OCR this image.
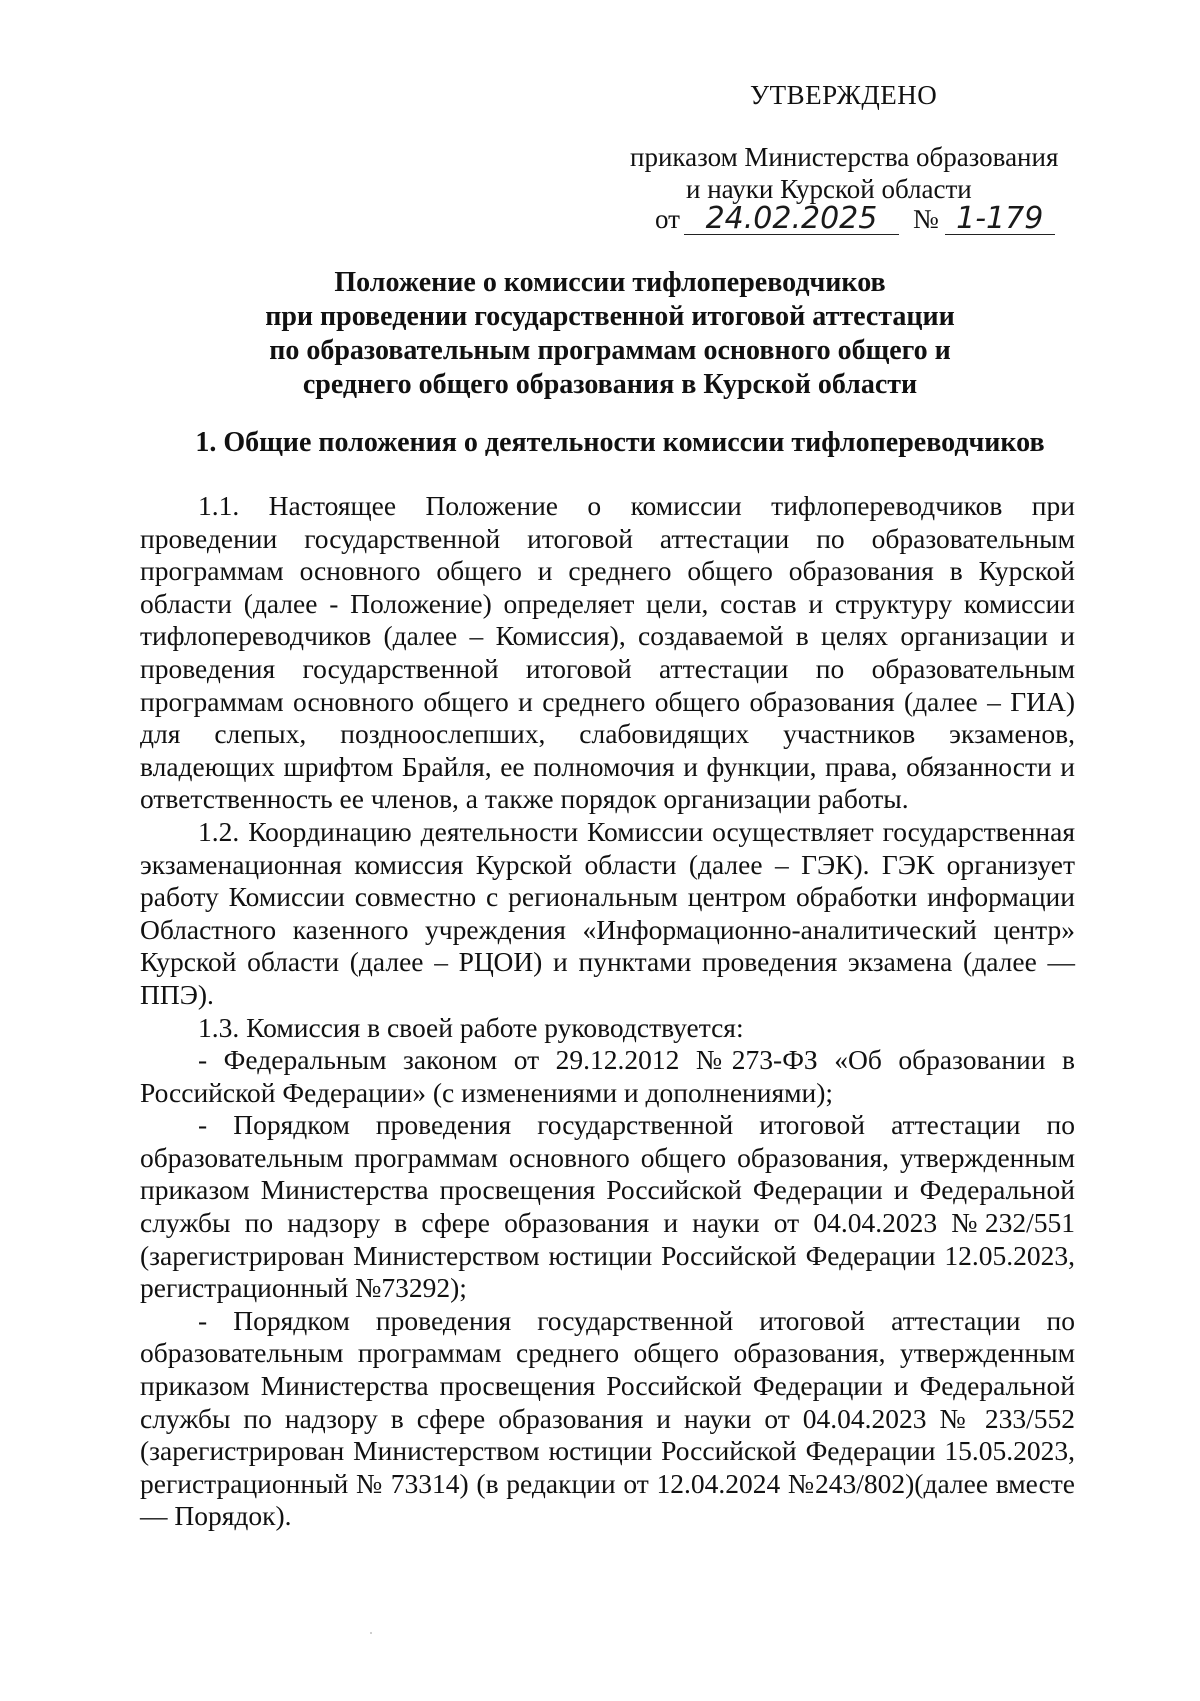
УТВЕРЖДЕНО
приказом Министерства образования
и науки Курской области
от 24.02.2025 № 1-179
Положение о комиссии тифлопереводчиков
при проведении государственной итоговой аттестации
по образовательным программам основного общего и
среднего общего образования в Курской области
1. Общие положения о деятельности комиссии тифлопереводчиков

1.1. Настоящее Положение о комиссии тифлопереводчиков при проведении государственной итоговой аттестации по образовательным программам основного общего и среднего общего образования в Курской области (далее - Положение) определяет цели, состав и структуру комиссии тифлопереводчиков (далее – Комиссия), создаваемой в целях организации и проведения государственной итоговой аттестации по образовательным программам основного общего и среднего общего образования (далее – ГИА) для слепых, поздноослепших, слабовидящих участников экзаменов, владеющих шрифтом Брайля, ее полномочия и функции, права, обязанности и ответственность ее членов, а также порядок организации работы.

1.2. Координацию деятельности Комиссии осуществляет государственная экзаменационная комиссия Курской области (далее – ГЭК). ГЭК организует работу Комиссии совместно с региональным центром обработки информации Областного казенного учреждения «Информационно-аналитический центр» Курской области (далее – РЦОИ) и пунктами проведения экзамена (далее — ППЭ).

1.3. Комиссия в своей работе руководствуется:

- Федеральным законом от 29.12.2012 №273-ФЗ «Об образовании в Российской Федерации» (с изменениями и дополнениями);

- Порядком проведения государственной итоговой аттестации по образовательным программам основного общего образования, утвержденным приказом Министерства просвещения Российской Федерации и Федеральной службы по надзору в сфере образования и науки от 04.04.2023 №232/551 (зарегистрирован Министерством юстиции Российской Федерации 12.05.2023, регистрационный №73292);

- Порядком проведения государственной итоговой аттестации по образовательным программам среднего общего образования, утвержденным приказом Министерства просвещения Российской Федерации и Федеральной службы по надзору в сфере образования и науки от 04.04.2023 № 233/552 (зарегистрирован Министерством юстиции Российской Федерации 15.05.2023, регистрационный № 73314) (в редакции от 12.04.2024 №243/802)(далее вместе — Порядок).
